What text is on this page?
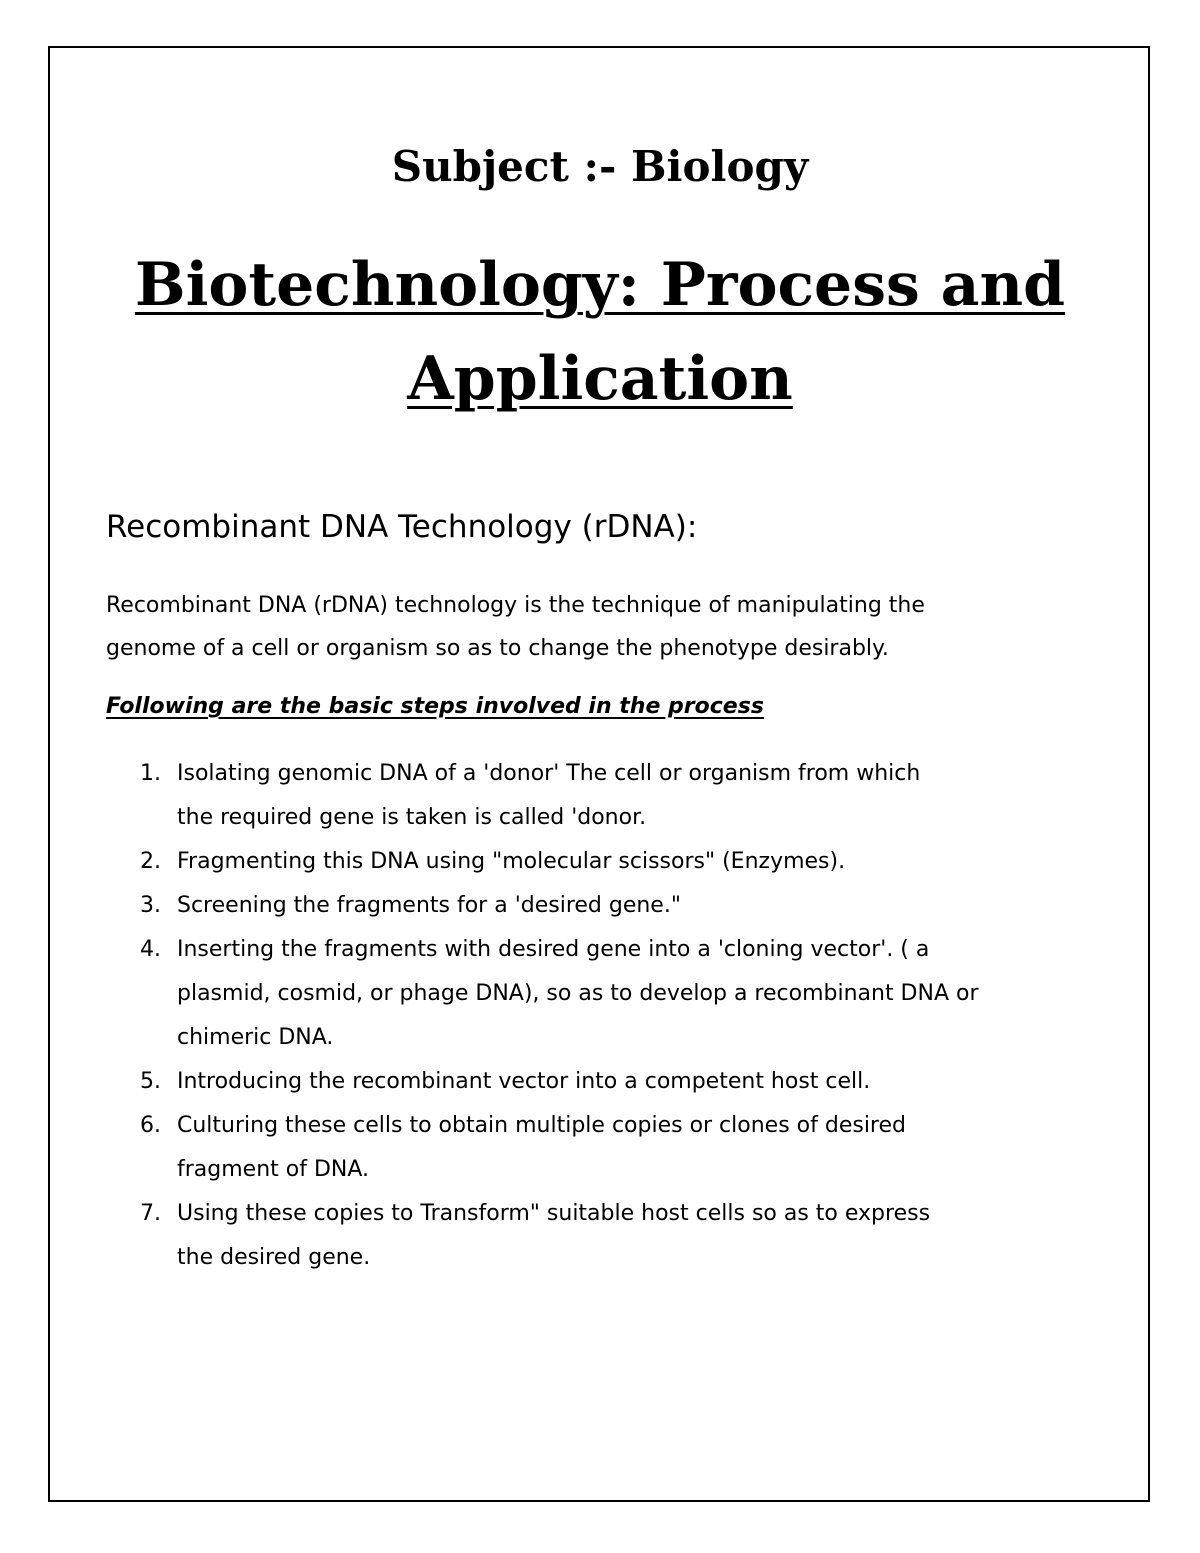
Subject :- Biology
Biotechnology: Process and
Application
Recombinant DNA Technology (rDNA):

Recombinant DNA (rDNA) technology is the technique of manipulating the
genome of a cell or organism so as to change the phenotype desirably.

Following are the basic steps involved in the process
1. Isolating genomic DNA of a 'donor' The cell or organism from which
the required gene is taken is called 'donor.
2. Fragmenting this DNA using "molecular scissors" (Enzymes).
3. Screening the fragments for a 'desired gene."
4. Inserting the fragments with desired gene into a 'cloning vector'. ( a
plasmid, cosmid, or phage DNA), so as to develop a recombinant DNA or
chimeric DNA.
5. Introducing the recombinant vector into a competent host cell.
6. Culturing these cells to obtain multiple copies or clones of desired
fragment of DNA.
7. Using these copies to Transform" suitable host cells so as to express
the desired gene.
